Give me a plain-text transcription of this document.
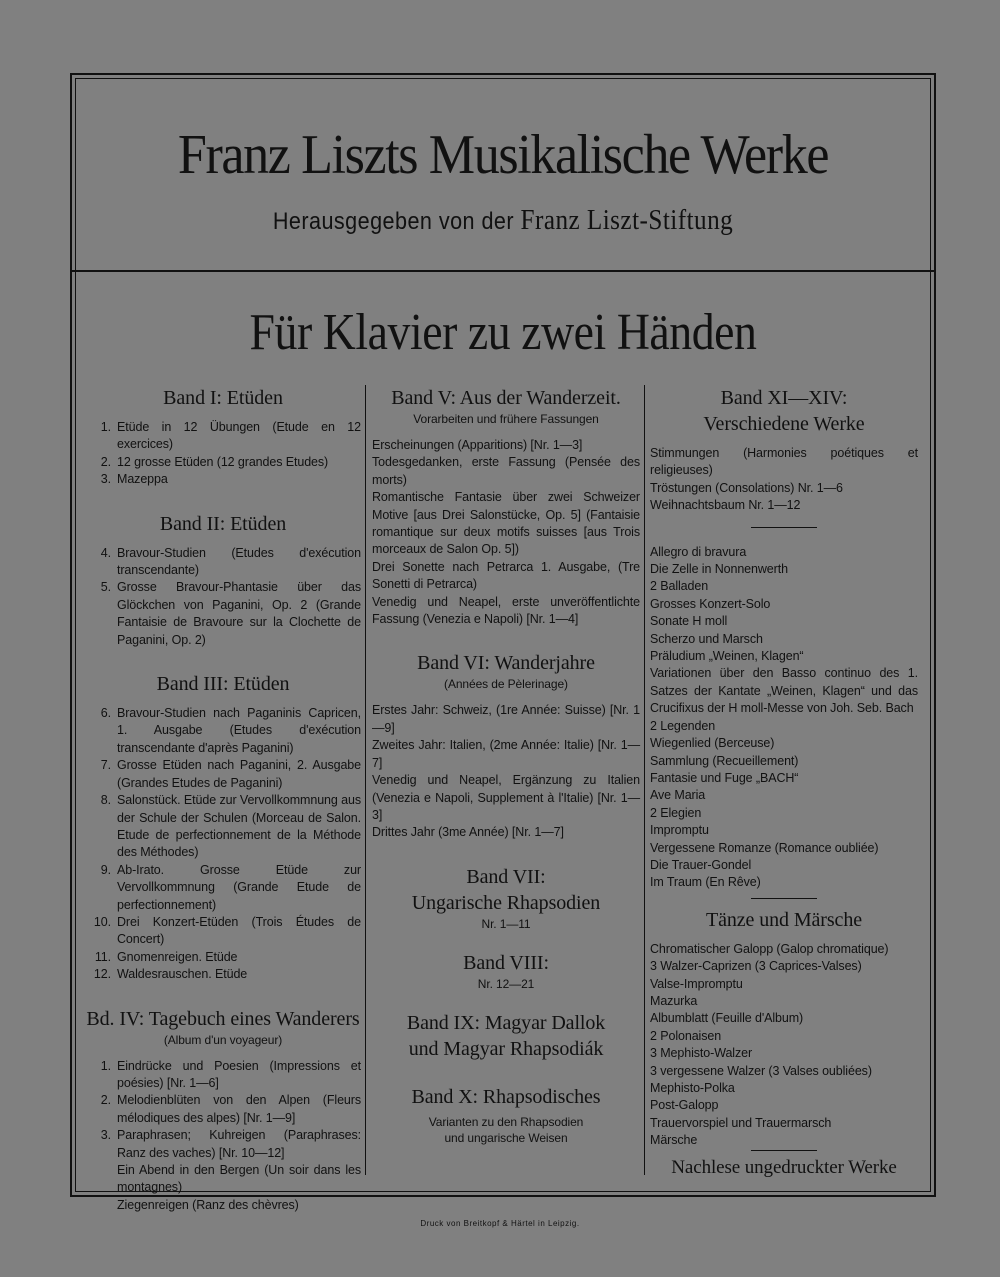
Franz Liszts Musikalische Werke
Herausgegeben von der Franz Liszt-Stiftung
Für Klavier zu zwei Händen

Band I: Etüden

1. Etüde in 12 Übungen (Etude en 12 exercices)
2. 12 grosse Etüden (12 grandes Etudes)
3. Mazeppa

Band II: Etüden

4. Bravour-Studien (Etudes d'exécution transcendante)
5. Grosse Bravour-Phantasie über das Glöckchen von Paganini, Op. 2 (Grande Fantaisie de Bravoure sur la Clochette de Paganini, Op. 2)

Band III: Etüden

6. Bravour-Studien nach Paganinis Capricen, 1. Ausgabe (Etudes d'exécution transcendante d'après Paganini)
7. Grosse Etüden nach Paganini, 2. Ausgabe (Grandes Etudes de Paganini)
8. Salonstück. Etüde zur Vervollkommnung aus der Schule der Schulen (Morceau de Salon. Etude de perfectionnement de la Méthode des Méthodes)
9. Ab-Irato. Grosse Etüde zur Vervollkommnung (Grande Etude de perfectionnement)
10. Drei Konzert-Etüden (Trois Études de Concert)
11. Gnomenreigen. Etüde
12. Waldesrauschen. Etüde

Bd. IV: Tagebuch eines Wanderers

(Album d'un voyageur)

1. Eindrücke und Poesien (Impressions et poésies) [Nr. 1—6]
2. Melodienblüten von den Alpen (Fleurs mélodiques des alpes) [Nr. 1—9]
3. Paraphrasen; Kuhreigen (Paraphrases: Ranz des vaches) [Nr. 10—12]
Ein Abend in den Bergen (Un soir dans les montagnes)
Ziegenreigen (Ranz des chèvres)

Band V: Aus der Wanderzeit.

Vorarbeiten und frühere Fassungen

Erscheinungen (Apparitions) [Nr. 1—3]

Todesgedanken, erste Fassung (Pensée des morts)

Romantische Fantasie über zwei Schweizer Motive [aus Drei Salonstücke, Op. 5] (Fantaisie romantique sur deux motifs suisses [aus Trois morceaux de Salon Op. 5])

Drei Sonette nach Petrarca 1. Ausgabe, (Tre Sonetti di Petrarca)

Venedig und Neapel, erste unveröffentlichte Fassung (Venezia e Napoli) [Nr. 1—4]

Band VI: Wanderjahre

(Années de Pèlerinage)

Erstes Jahr: Schweiz, (1re Année: Suisse) [Nr. 1—9]

Zweites Jahr: Italien, (2me Année: Italie) [Nr. 1—7]

Venedig und Neapel, Ergänzung zu Italien (Venezia e Napoli, Supplement à l'Italie) [Nr. 1—3]

Drittes Jahr (3me Année) [Nr. 1—7]

Band VII:

Ungarische Rhapsodien

Nr. 1—11

Band VIII:

Nr. 12—21

Band IX: Magyar Dallok

und Magyar Rhapsodiák

Band X: Rhapsodisches

Varianten zu den Rhapsodien

und ungarische Weisen

Band XI—XIV:

Verschiedene Werke

Stimmungen (Harmonies poétiques et religieuses)

Tröstungen (Consolations) Nr. 1—6

Weihnachtsbaum Nr. 1—12

Allegro di bravura

Die Zelle in Nonnenwerth

2 Balladen

Grosses Konzert-Solo

Sonate H moll

Scherzo und Marsch

Präludium „Weinen, Klagen“

Variationen über den Basso continuo des 1. Satzes der Kantate „Weinen, Klagen“ und das Crucifixus der H moll-Messe von Joh. Seb. Bach

2 Legenden

Wiegenlied (Berceuse)

Sammlung (Recueillement)

Fantasie und Fuge „BACH“

Ave Maria

2 Elegien

Impromptu

Vergessene Romanze (Romance oubliée)

Die Trauer-Gondel

Im Traum (En Rêve)

Tänze und Märsche

Chromatischer Galopp (Galop chromatique)

3 Walzer-Caprizen (3 Caprices-Valses)

Valse-Impromptu

Mazurka

Albumblatt (Feuille d'Album)

2 Polonaisen

3 Mephisto-Walzer

3 vergessene Walzer (3 Valses oubliées)

Mephisto-Polka

Post-Galopp

Trauervorspiel und Trauermarsch

Märsche

Nachlese ungedruckter Werke

Druck von Breitkopf & Härtel in Leipzig.
